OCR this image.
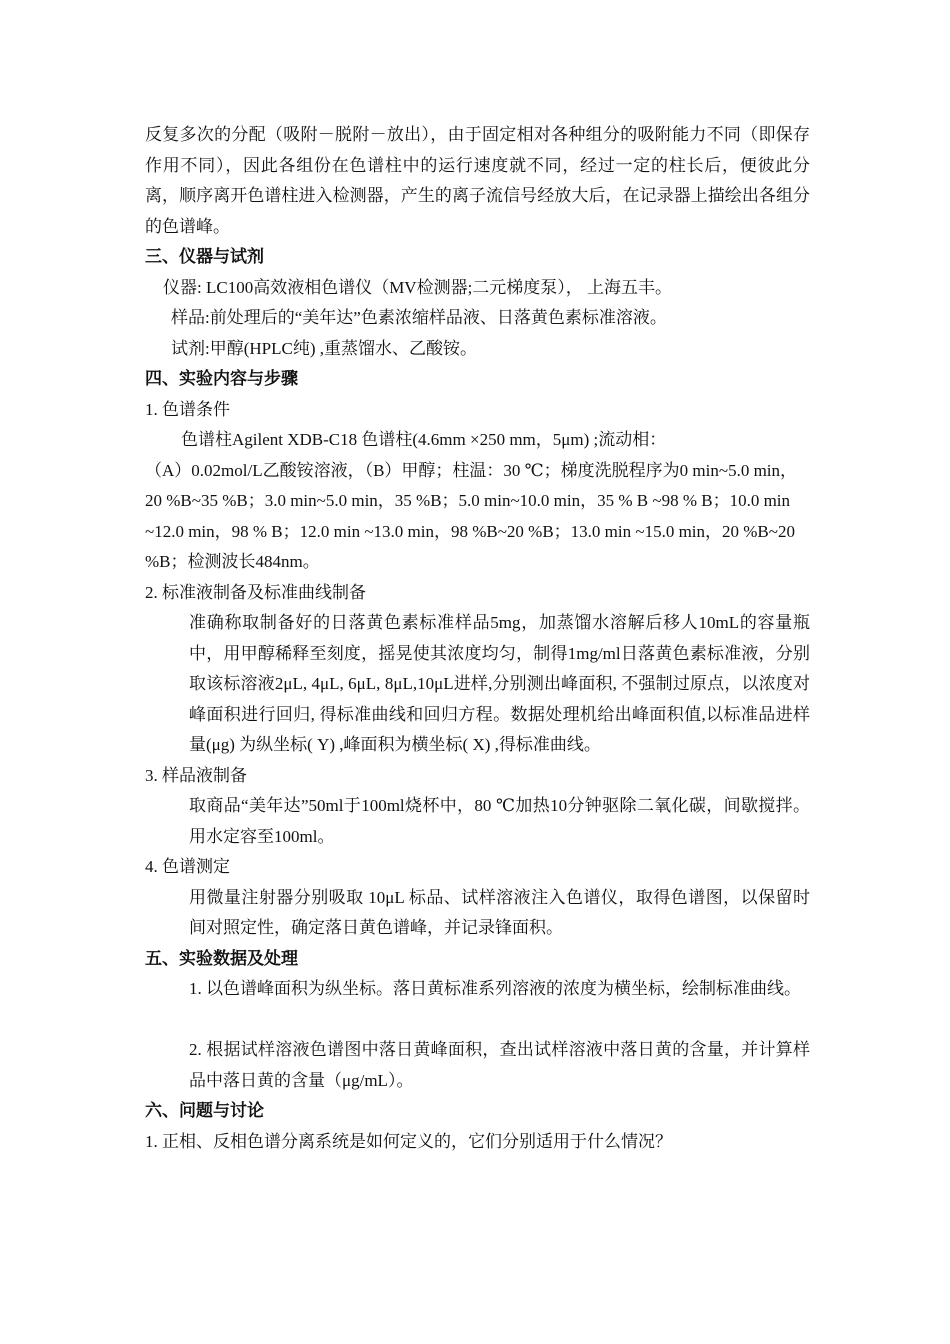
反复多次的分配（吸附－脱附－放出），由于固定相对各种组分的吸附能力不同（即保存作用不同），因此各组份在色谱柱中的运行速度就不同，经过一定的柱长后，便彼此分离，顺序离开色谱柱进入检测器，产生的离子流信号经放大后，在记录器上描绘出各组分的色谱峰。

三、仪器与试剂

仪器: LC100高效液相色谱仪（MV检测器;二元梯度泵）， 上海五丰。

样品:前处理后的“美年达”色素浓缩样品液、日落黄色素标准溶液。

试剂:甲醇(HPLC纯) ,重蒸馏水、乙酸铵。

四、实验内容与步骤

1. 色谱条件

色谱柱Agilent XDB-C18 色谱柱(4.6mm ×250 mm，5μm) ;流动相：

（A）0.02mol/L乙酸铵溶液，（B）甲醇；柱温：30 ℃；梯度洗脱程序为0 min~5.0 min，

20 %B~35 %B；3.0 min~5.0 min，35 %B；5.0 min~10.0 min，35 % B ~98 % B；10.0 min ~12.0 min，98 % B；12.0 min ~13.0 min，98 %B~20 %B；13.0 min ~15.0 min，20 %B~20 %B；检测波长484nm。

2. 标准液制备及标准曲线制备

准确称取制备好的日落黄色素标准样品5mg，加蒸馏水溶解后移人10mL的容量瓶中，用甲醇稀释至刻度，摇晃使其浓度均匀，制得1mg/ml日落黄色素标准液，分别取该标溶液2μL, 4μL, 6μL, 8μL,10μL进样,分别测出峰面积, 不强制过原点，以浓度对峰面积进行回归, 得标准曲线和回归方程。数据处理机给出峰面积值,以标准品进样量(μg) 为纵坐标( Y) ,峰面积为横坐标( X) ,得标准曲线。

3. 样品液制备

取商品“美年达”50ml于100ml烧杯中，80 ℃加热10分钟驱除二氧化碳，间歇搅拌。用水定容至100ml。

4. 色谱测定

用微量注射器分别吸取 10μL 标品、试样溶液注入色谱仪，取得色谱图，以保留时间对照定性，确定落日黄色谱峰，并记录锋面积。

五、实验数据及处理

1. 以色谱峰面积为纵坐标。落日黄标准系列溶液的浓度为横坐标，绘制标准曲线。

2. 根据试样溶液色谱图中落日黄峰面积，查出试样溶液中落日黄的含量，并计算样品中落日黄的含量（μg/mL）。

六、问题与讨论

1. 正相、反相色谱分离系统是如何定义的，它们分别适用于什么情况？
